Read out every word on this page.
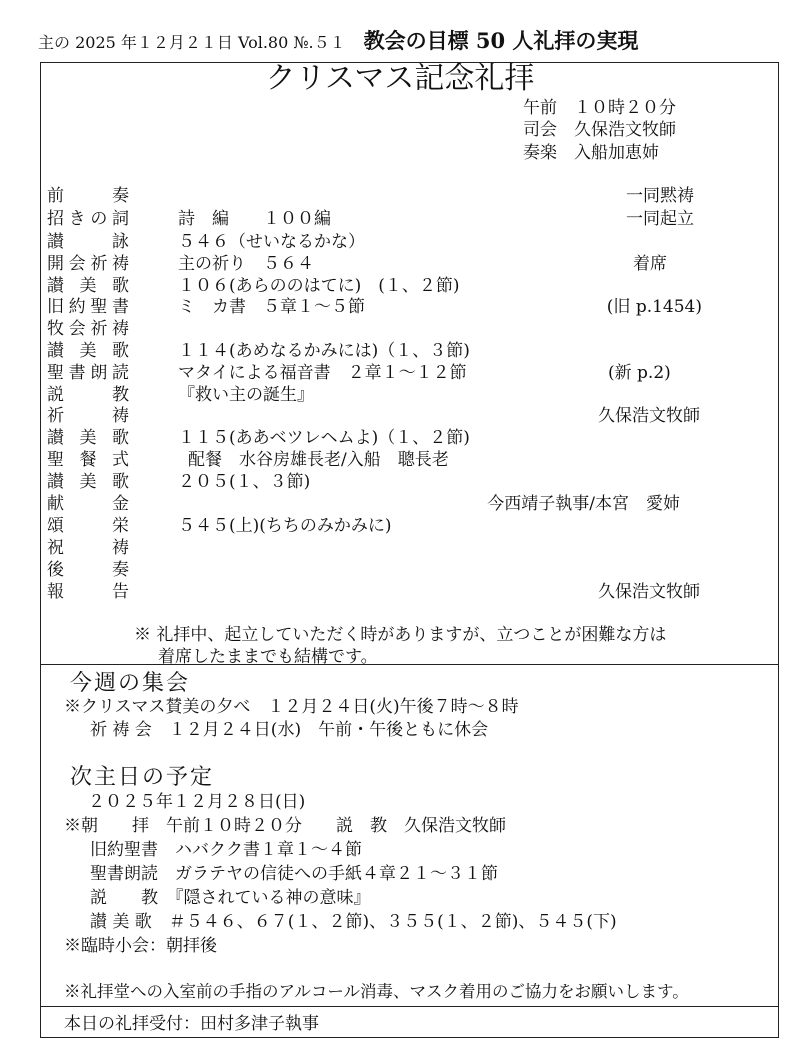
主の 2025 年１２月２１日 Vol.80 №.５１ 教会の目標 50 人礼拝の実現
クリスマス記念礼拝
午前　１０時２０分
司会　久保浩文牧師
奏楽　入船加恵姉
前奏	一同黙祷
招きの詞	詩　編　　１００編	一同起立
讃詠	５４６（せいなるかな）
開会祈祷	主の祈り　５６４	着席
讃美歌	１０６(あらののはてに)　(１、２節)
旧約聖書	ミ　カ書　５章１～５節	(旧 p.1454)
牧会祈祷
讃美歌	１１４(あめなるかみには)（１、３節)
聖書朗読	マタイによる福音書　２章１～１２節	(新 p.2)
説教	『救い主の誕生』
祈祷	久保浩文牧師
讃美歌	１１５(ああベツレヘムよ)（１、２節)
聖餐式	配餐　水谷房雄長老/入船　聰長老
讃美歌	２０５(１、３節)
献金	今西靖子執事/本宮　愛姉
頌栄	５４５(上)(ちちのみかみに)
祝祷
後奏
報告	久保浩文牧師
※ 礼拝中、起立していただく時がありますが、立つことが困難な方は
着席したままでも結構です。
今週の集会
※クリスマス賛美の夕べ　１２月２４日(火)午後７時～８時
祈 祷 会　１２月２４日(水)　午前・午後ともに休会
次主日の予定
２０２５年１２月２８日(日)
※朝　　拝　午前１０時２０分　　説　教　久保浩文牧師
旧約聖書　ハバクク書１章１～４節
聖書朗読　ガラテヤの信徒への手紙４章２１～３１節
説　　教　『隠されている神の意味』
讃 美 歌　＃５４６、６７(１、２節)、３５５(１、２節)、５４５(下)
※臨時小会：朝拝後
※礼拝堂への入室前の手指のアルコール消毒、マスク着用のご協力をお願いします。
本日の礼拝受付：田村多津子執事
